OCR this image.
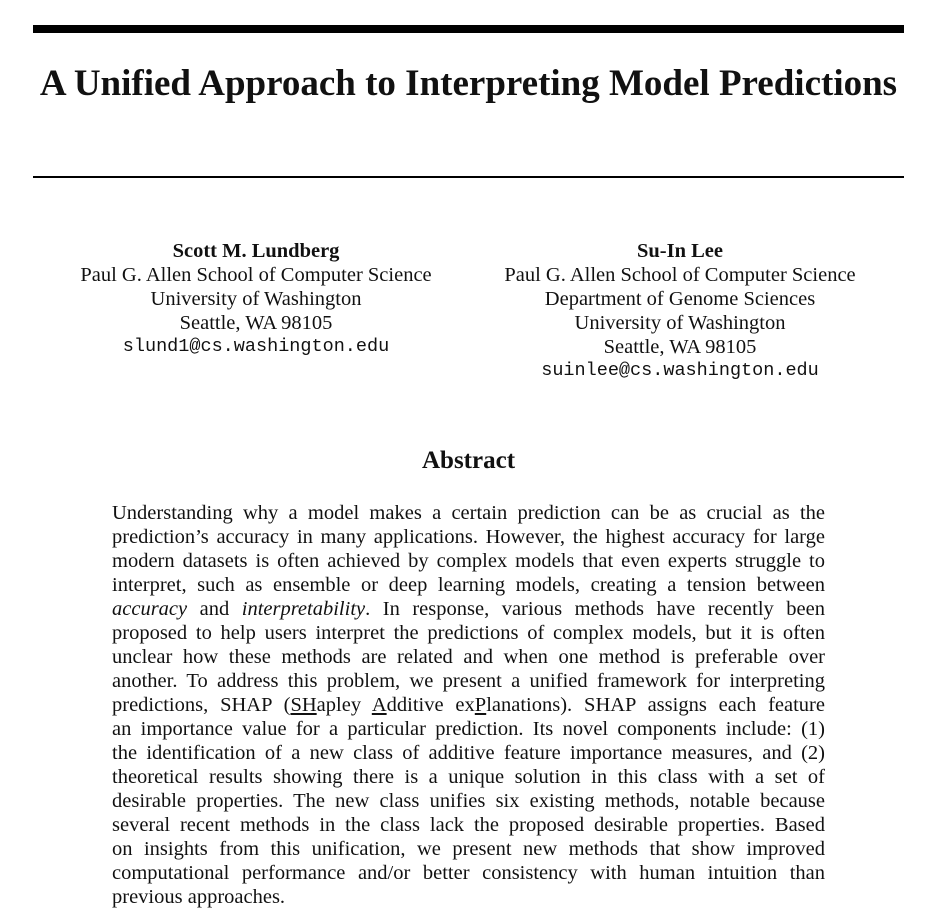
A Unified Approach to Interpreting Model Predictions
Scott M. Lundberg
Paul G. Allen School of Computer Science
University of Washington
Seattle, WA 98105
slund1@cs.washington.edu
Su-In Lee
Paul G. Allen School of Computer Science
Department of Genome Sciences
University of Washington
Seattle, WA 98105
suinlee@cs.washington.edu
Abstract
Understanding why a model makes a certain prediction can be as crucial as the
prediction’s accuracy in many applications. However, the highest accuracy for large
modern datasets is often achieved by complex models that even experts struggle to
interpret, such as ensemble or deep learning models, creating a tension between
accuracy and interpretability. In response, various methods have recently been
proposed to help users interpret the predictions of complex models, but it is often
unclear how these methods are related and when one method is preferable over
another. To address this problem, we present a unified framework for interpreting
predictions, SHAP (SHapley Additive exPlanations). SHAP assigns each feature
an importance value for a particular prediction. Its novel components include: (1)
the identification of a new class of additive feature importance measures, and (2)
theoretical results showing there is a unique solution in this class with a set of
desirable properties. The new class unifies six existing methods, notable because
several recent methods in the class lack the proposed desirable properties. Based
on insights from this unification, we present new methods that show improved
computational performance and/or better consistency with human intuition than
previous approaches.
